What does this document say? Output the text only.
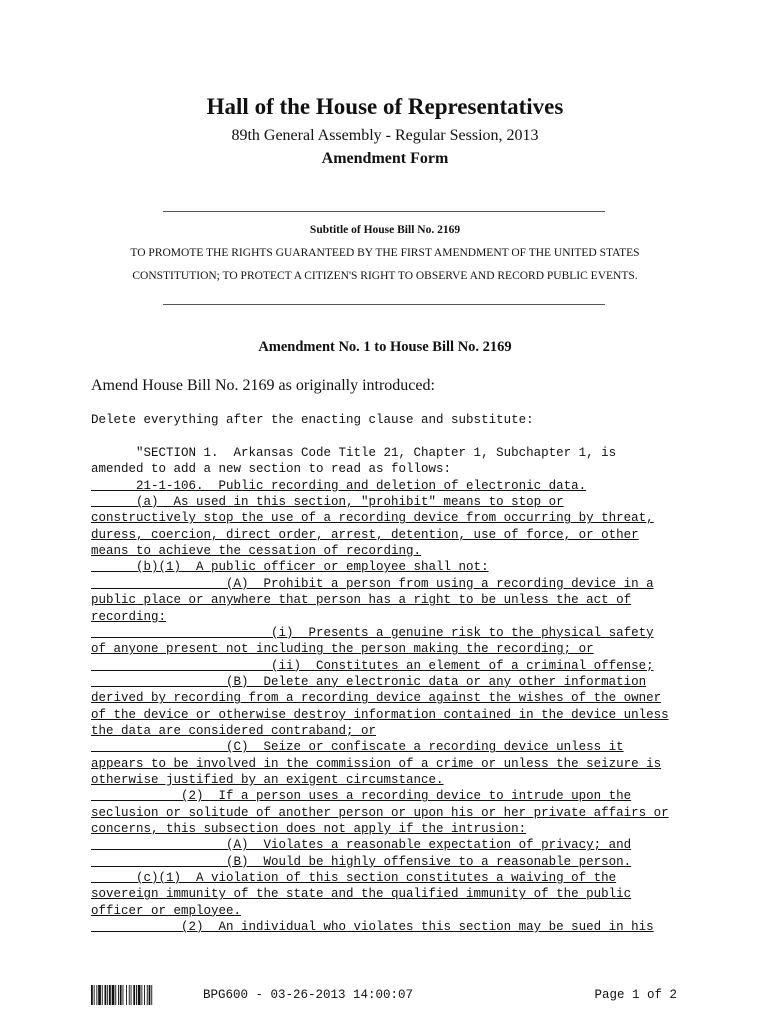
Hall of the House of Representatives
89th General Assembly - Regular Session, 2013
Amendment Form
Subtitle of House Bill No. 2169
TO PROMOTE THE RIGHTS GUARANTEED BY THE FIRST AMENDMENT OF THE UNITED STATES
CONSTITUTION; TO PROTECT A CITIZEN'S RIGHT TO OBSERVE AND RECORD PUBLIC EVENTS.
Amendment No. 1 to House Bill No. 2169
Amend House Bill No. 2169 as originally introduced:
Delete everything after the enacting clause and substitute:
"SECTION 1.  Arkansas Code Title 21, Chapter 1, Subchapter 1, is
amended to add a new section to read as follows:
21-1-106.  Public recording and deletion of electronic data.
(a)  As used in this section, "prohibit" means to stop or
constructively stop the use of a recording device from occurring by threat,
duress, coercion, direct order, arrest, detention, use of force, or other
means to achieve the cessation of recording.
(b)(1)  A public officer or employee shall not:
(A)  Prohibit a person from using a recording device in a
public place or anywhere that person has a right to be unless the act of
recording:
(i)  Presents a genuine risk to the physical safety
of anyone present not including the person making the recording; or
(ii)  Constitutes an element of a criminal offense;
(B)  Delete any electronic data or any other information
derived by recording from a recording device against the wishes of the owner
of the device or otherwise destroy information contained in the device unless
the data are considered contraband; or
(C)  Seize or confiscate a recording device unless it
appears to be involved in the commission of a crime or unless the seizure is
otherwise justified by an exigent circumstance.
(2)  If a person uses a recording device to intrude upon the
seclusion or solitude of another person or upon his or her private affairs or
concerns, this subsection does not apply if the intrusion:
(A)  Violates a reasonable expectation of privacy; and
(B)  Would be highly offensive to a reasonable person.
(c)(1)  A violation of this section constitutes a waiving of the
sovereign immunity of the state and the qualified immunity of the public
officer or employee.
(2)  An individual who violates this section may be sued in his
BPG600 - 03-26-2013 14:00:07	Page 1 of 2
